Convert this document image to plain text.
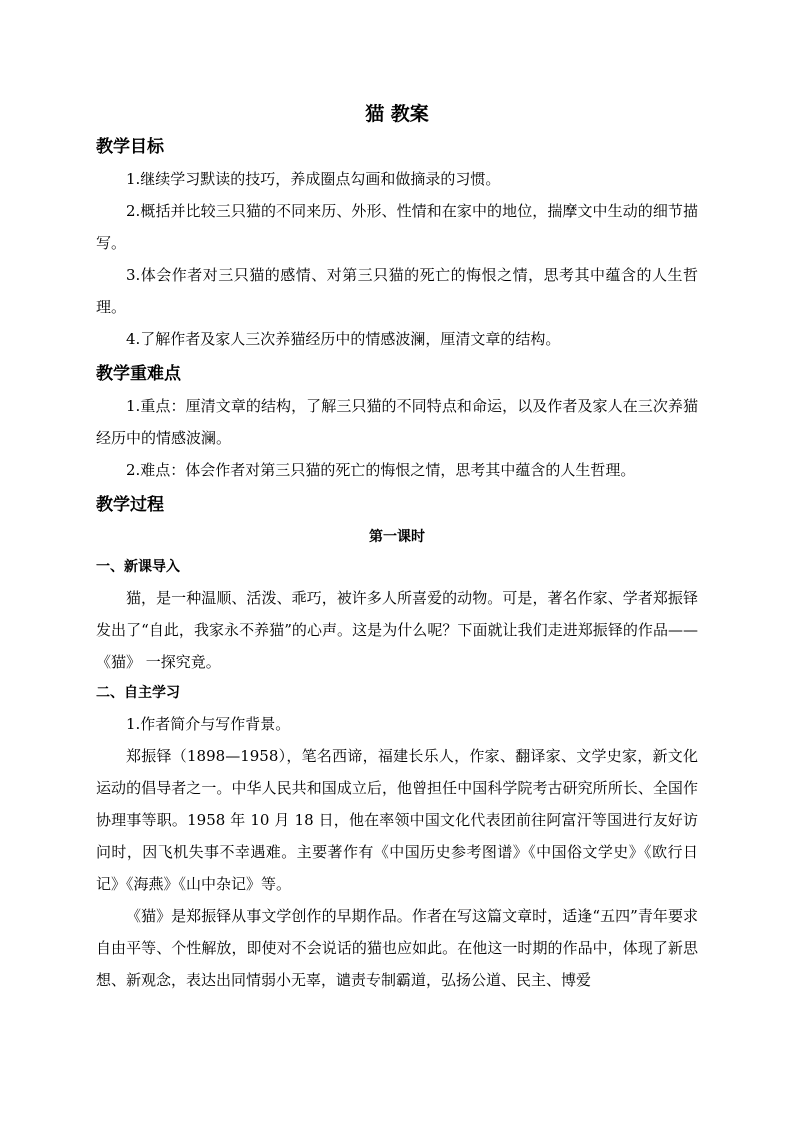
猫 教案
教学目标

1.继续学习默读的技巧，养成圈点勾画和做摘录的习惯。

2.概括并比较三只猫的不同来历、外形、性情和在家中的地位，揣摩文中生动的细节描写。

3.体会作者对三只猫的感情、对第三只猫的死亡的悔恨之情，思考其中蕴含的人生哲理。

4.了解作者及家人三次养猫经历中的情感波澜，厘清文章的结构。

教学重难点

1.重点：厘清文章的结构，了解三只猫的不同特点和命运，以及作者及家人在三次养猫经历中的情感波澜。

2.难点：体会作者对第三只猫的死亡的悔恨之情，思考其中蕴含的人生哲理。

教学过程
第一课时
一、新课导入

猫，是一种温顺、活泼、乖巧，被许多人所喜爱的动物。可是，著名作家、学者郑振铎发出了“自此，我家永不养猫”的心声。这是为什么呢？下面就让我们走进郑振铎的作品——《猫》 一探究竟。

二、自主学习

1.作者简介与写作背景。

郑振铎（1898—1958），笔名西谛，福建长乐人，作家、翻译家、文学史家，新文化运动的倡导者之一。中华人民共和国成立后，他曾担任中国科学院考古研究所所长、全国作协理事等职。1958 年 10 月 18 日，他在率领中国文化代表团前往阿富汗等国进行友好访问时，因飞机失事不幸遇难。主要著作有《中国历史参考图谱》《中国俗文学史》《欧行日记》《海燕》《山中杂记》等。

《猫》是郑振铎从事文学创作的早期作品。作者在写这篇文章时，适逢“五四”青年要求自由平等、个性解放，即使对不会说话的猫也应如此。在他这一时期的作品中，体现了新思想、新观念，表达出同情弱小无辜，谴责专制霸道，弘扬公道、民主、博爱
